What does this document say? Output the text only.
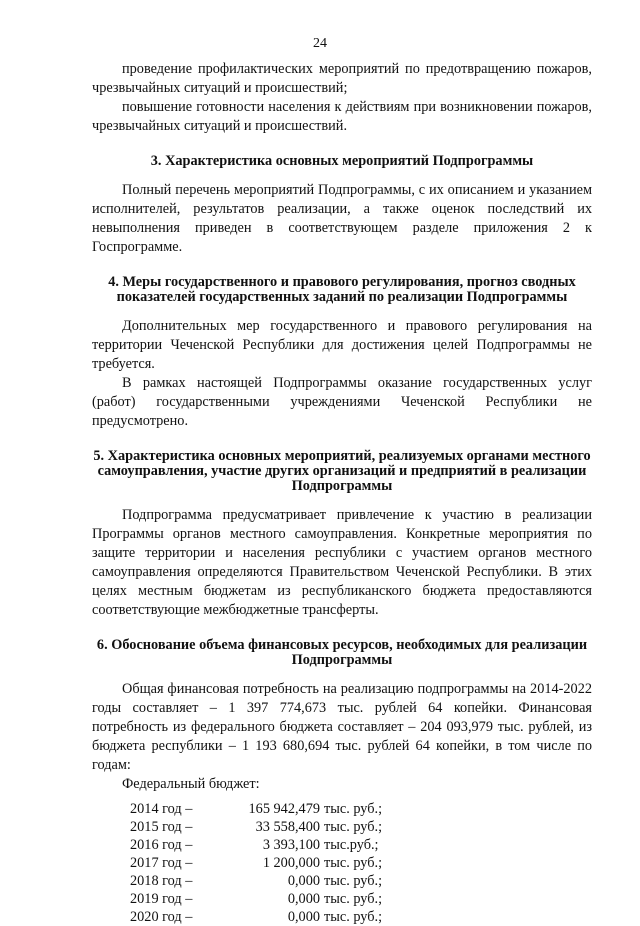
24

проведение профилактических мероприятий по предотвращению пожаров, чрезвычайных ситуаций и происшествий;

повышение готовности населения к действиям при возникновении пожаров, чрезвычайных ситуаций и происшествий.

3. Характеристика основных мероприятий Подпрограммы

Полный перечень мероприятий Подпрограммы, с их описанием и указанием исполнителей, результатов реализации, а также оценок последствий их невыполнения приведен в соответствующем разделе приложения 2 к Госпрограмме.

4. Меры государственного и правового регулирования, прогноз сводных показателей государственных заданий по реализации Подпрограммы

Дополнительных мер государственного и правового регулирования на территории Чеченской Республики для достижения целей Подпрограммы не требуется.

В рамках настоящей Подпрограммы оказание государственных услуг (работ) государственными учреждениями Чеченской Республики не предусмотрено.

5. Характеристика основных мероприятий, реализуемых органами местного самоуправления, участие других организаций и предприятий в реализации Подпрограммы

Подпрограмма предусматривает привлечение к участию в реализации Программы органов местного самоуправления. Конкретные мероприятия по защите территории и населения республики с участием органов местного самоуправления определяются Правительством Чеченской Республики. В этих целях местным бюджетам из республиканского бюджета предоставляются соответствующие межбюджетные трансферты.

6. Обоснование объема финансовых ресурсов, необходимых для реализации Подпрограммы

Общая финансовая потребность на реализацию подпрограммы на 2014-2022 годы составляет – 1 397 774,673 тыс. рублей 64 копейки. Финансовая потребность из федерального бюджета составляет – 204 093,979 тыс. рублей, из бюджета республики – 1 193 680,694 тыс. рублей 64 копейки, в том числе по годам:

Федеральный бюджет:

2014 год –	165 942,479 тыс. руб.;
2015 год –	33 558,400 тыс. руб.;
2016 год –	3 393,100 тыс.руб.;
2017 год –	1 200,000 тыс. руб.;
2018 год –	0,000 тыс. руб.;
2019 год –	0,000 тыс. руб.;
2020 год –	0,000 тыс. руб.;
